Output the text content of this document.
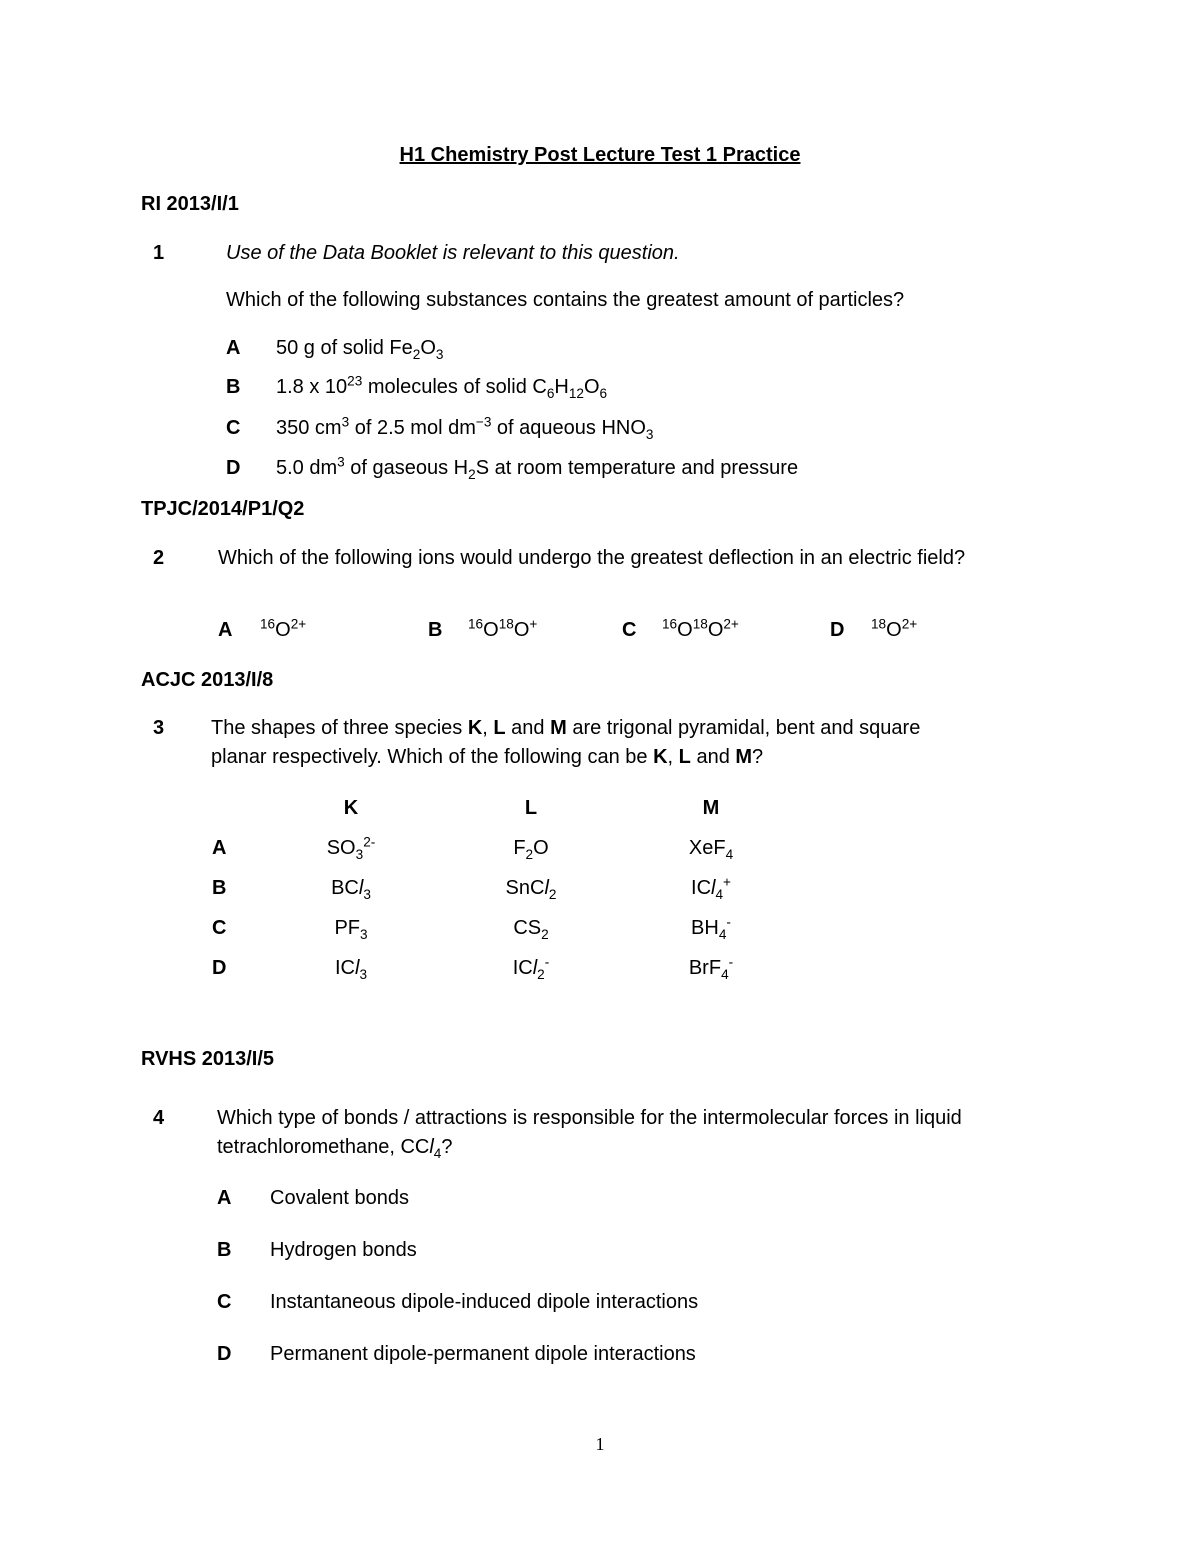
H1 Chemistry Post Lecture Test 1 Practice
RI 2013/I/1
1	Use of the Data Booklet is relevant to this question.
Which of the following substances contains the greatest amount of particles?
A 50 g of solid $Fe_2O_3$
B 1.8 x $10^{23}$ molecules of solid $C_6H_{12}O_6$
C 350 $cm^3$ of 2.5 mol $dm^{-3}$ of aqueous $HNO_3$
D 5.0 $dm^3$ of gaseous $H_2S$ at room temperature and pressure
TPJC/2014/P1/Q2
2	Which of the following ions would undergo the greatest deflection in an electric field?
A $^{16}O^{2+}$	B $^{16}O^{18}O^+$	C $^{16}O^{18}O^{2+}$	D $^{18}O^{2+}$
ACJC 2013/I/8
3 The shapes of three species K, L and M are trigonal pyramidal, bent and square
planar respectively. Which of the following can be K, L and M?
K	L	M
A	$SO_3^{2-}$	$F_2O$	XeF$_4$
B	BCl$_3$	SnCl$_2$	ICl$_4$+
C	$PF_3$	$CS_2$	$BH_4^-$
D	ICl$_3$	ICl$_2$-	BrF$_4$-
RVHS 2013/I/5
4	Which type of bonds / attractions is responsible for the intermolecular forces in liquid
tetrachloromethane, CCl$_4$?
A Covalent bonds
B Hydrogen bonds
C Instantaneous dipole-induced dipole interactions
D Permanent dipole-permanent dipole interactions
1
